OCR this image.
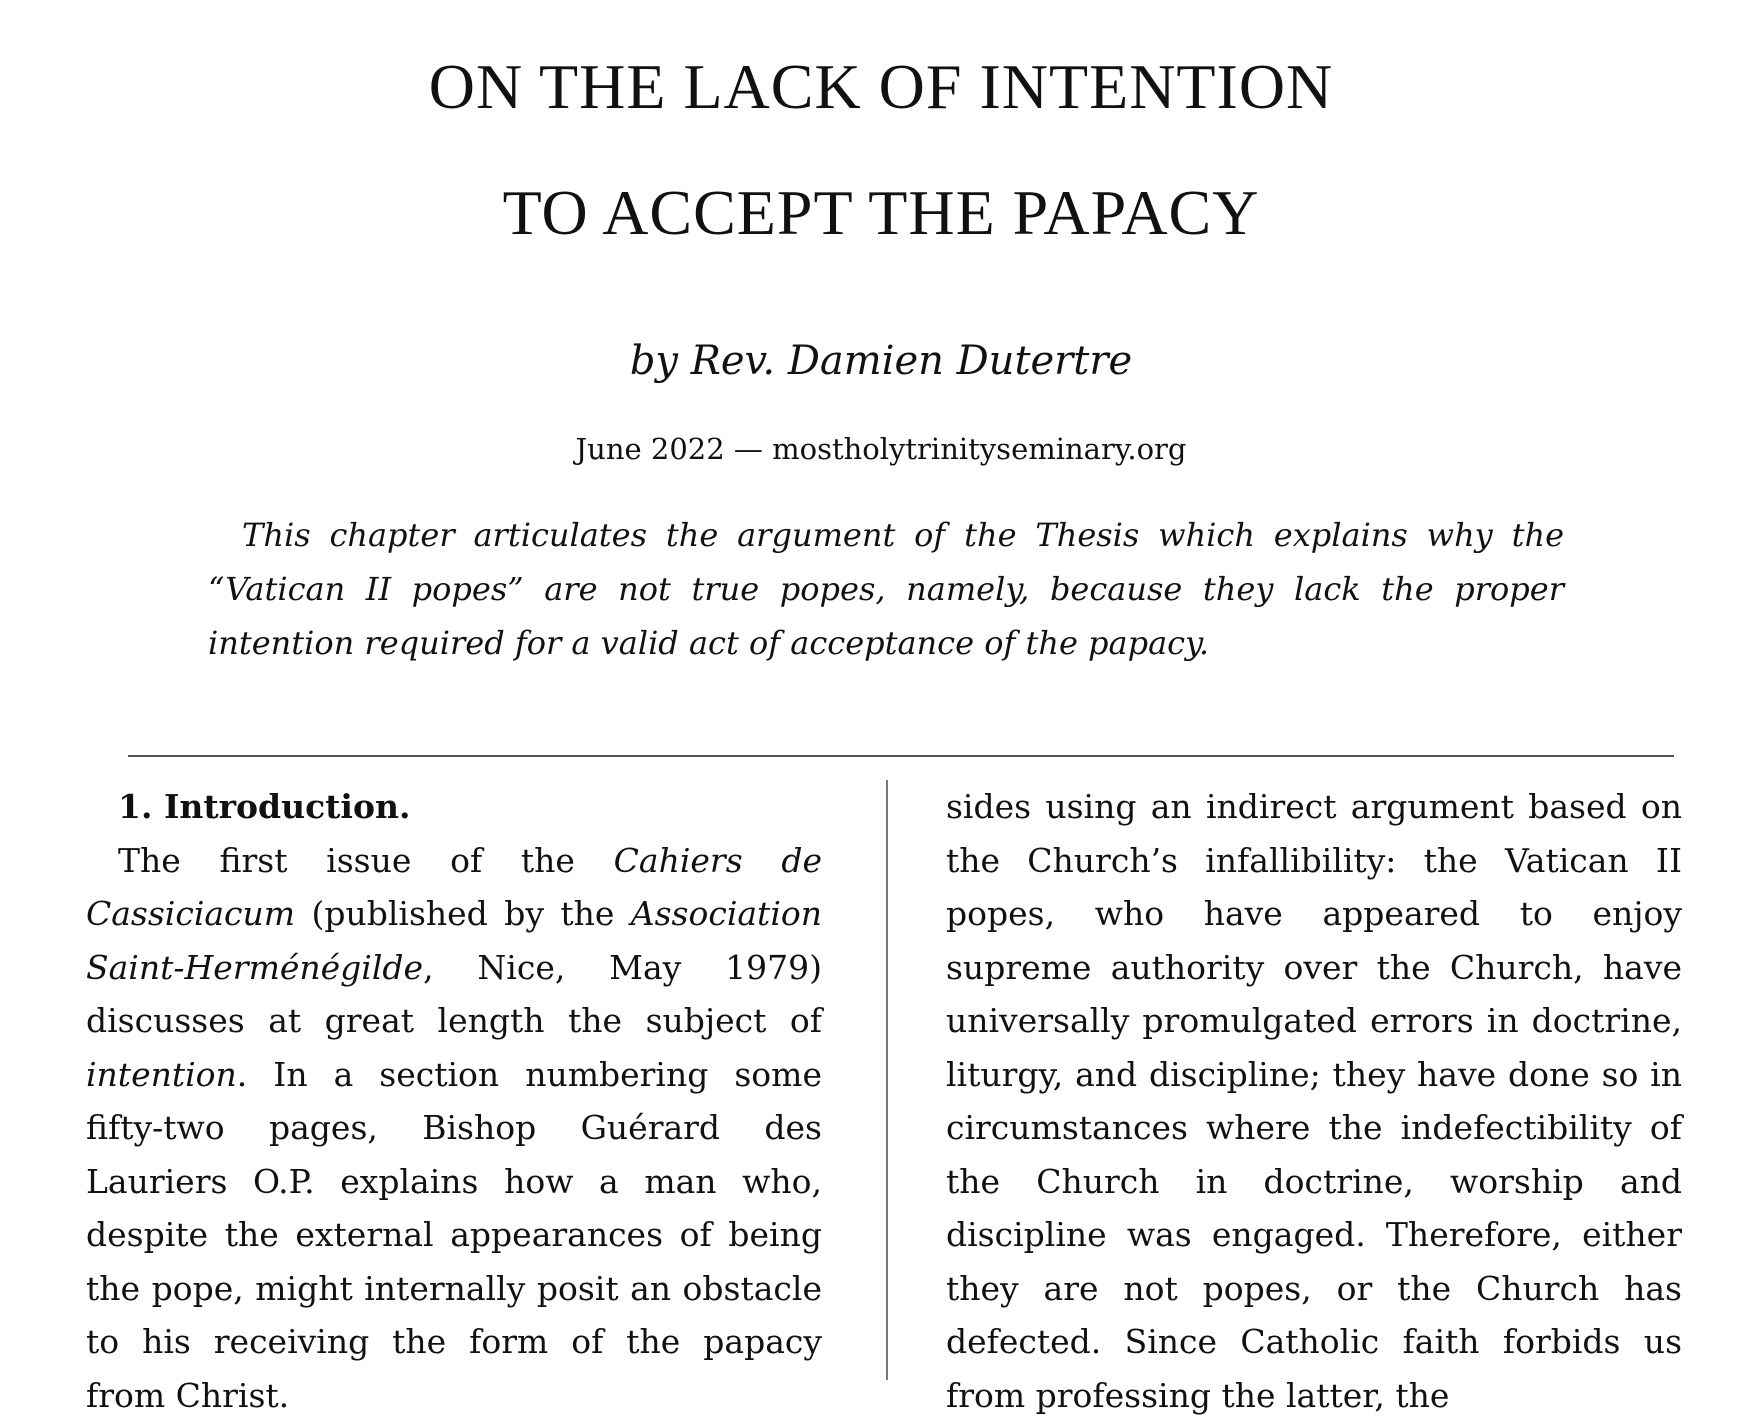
ON THE LACK OF INTENTION
TO ACCEPT THE PAPACY
by Rev. Damien Dutertre
June 2022 — mostholytrinityseminary.org

This chapter articulates the argument of the Thesis which explains why the “Vatican II popes” are not true popes, namely, because they lack the proper intention required for a valid act of acceptance of the papacy.

1. Introduction.

The first issue of the Cahiers de Cassiciacum (published by the Association Saint-Herménégilde, Nice, May 1979) discusses at great length the subject of intention. In a section numbering some fifty-two pages, Bishop Guérard des Lauriers O.P. explains how a man who, despite the external appearances of being the pope, might internally posit an obstacle to his receiving the form of the papacy from Christ.

sides using an indirect argument based on the Church’s infallibility: the Vatican II popes, who have appeared to enjoy supreme authority over the Church, have universally promulgated errors in doctrine, liturgy, and discipline; they have done so in circumstances where the indefectibility of the Church in doctrine, worship and discipline was engaged. Therefore, either they are not popes, or the Church has defected. Since Catholic faith forbids us from professing the latter, the
